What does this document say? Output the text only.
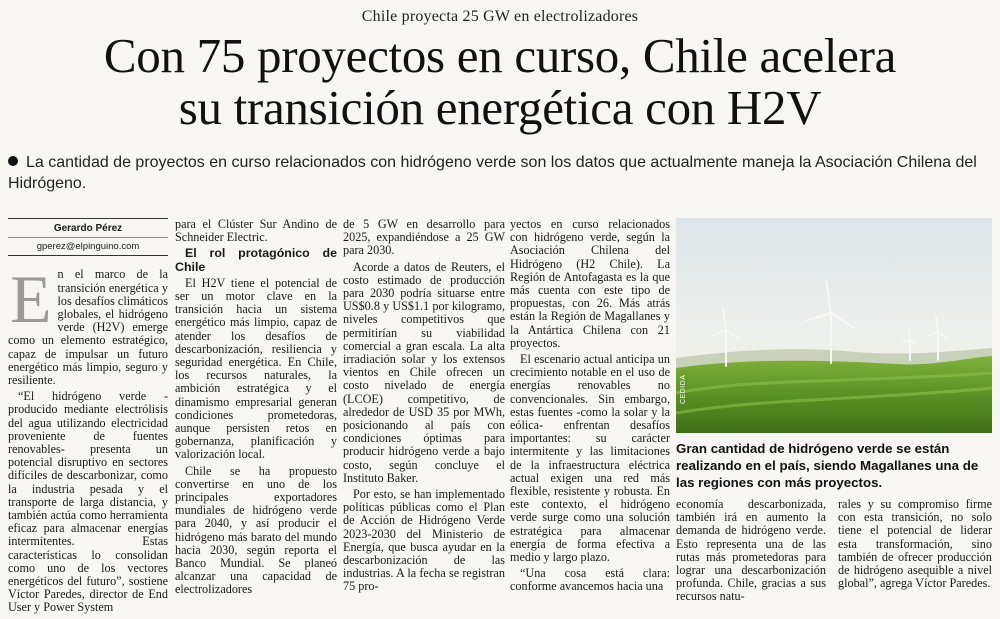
Chile proyecta 25 GW en electrolizadores
Con 75 proyectos en curso, Chile acelera
su transición energética con H2V
La cantidad de proyectos en curso relacionados con hidrógeno verde son los datos que actualmente maneja la Asociación Chilena del Hidrógeno.
Gerardo Pérez
gperez@elpinguino.com
E n el marco de la transición energética y los desafíos climáticos globales, el hidrógeno verde (H2V) emerge como un elemento estratégico, capaz de impulsar un futuro energético más limpio, seguro y resiliente.

“El hidrógeno verde -producido mediante electrólisis del agua utilizando electricidad proveniente de fuentes renovables- presenta un potencial disruptivo en sectores difíciles de descarbonizar, como la industria pesada y el transporte de larga distancia, y también actúa como herramienta eficaz para almacenar energías intermitentes. Estas características lo consolidan como uno de los vectores energéticos del futuro”, sostiene Víctor Paredes, director de End User y Power System

para el Clúster Sur Andino de Schneider Electric.

El rol protagónico de Chile

El H2V tiene el potencial de ser un motor clave en la transición hacia un sistema energético más limpio, capaz de atender los desafíos de descarbonización, resiliencia y seguridad energética. En Chile, los recursos naturales, la ambición estratégica y el dinamismo empresarial generan condiciones prometedoras, aunque persisten retos en gobernanza, planificación y valorización local.

Chile se ha propuesto convertirse en uno de los principales exportadores mundiales de hidrógeno verde para 2040, y así producir el hidrógeno más barato del mundo hacia 2030, según reporta el Banco Mundial. Se planeó alcanzar una capacidad de electrolizadores

de 5 GW en desarrollo para 2025, expandiéndose a 25 GW para 2030.

Acorde a datos de Reuters, el costo estimado de producción para 2030 podría situarse entre US$0.8 y US$1.1 por kilogramo, niveles competitivos que permitirían su viabilidad comercial a gran escala. La alta irradiación solar y los extensos vientos en Chile ofrecen un costo nivelado de energía (LCOE) competitivo, de alrededor de USD 35 por MWh, posicionando al país con condiciones óptimas para producir hidrógeno verde a bajo costo, según concluye el Instituto Baker.

Por esto, se han implementado políticas públicas como el Plan de Acción de Hidrógeno Verde 2023-2030 del Ministerio de Energía, que busca ayudar en la descarbonización de las industrias. A la fecha se registran 75 pro-

yectos en curso relacionados con hidrógeno verde, según la Asociación Chilena del Hidrógeno (H2 Chile). La Región de Antofagasta es la que más cuenta con este tipo de propuestas, con 26. Más atrás están la Región de Magallanes y la Antártica Chilena con 21 proyectos.

El escenario actual anticipa un crecimiento notable en el uso de energías renovables no convencionales. Sin embargo, estas fuentes -como la solar y la eólica- enfrentan desafíos importantes: su carácter intermitente y las limitaciones de la infraestructura eléctrica actual exigen una red más flexible, resistente y robusta. En este contexto, el hidrógeno verde surge como una solución estratégica para almacenar energía de forma efectiva a medio y largo plazo.

“Una cosa está clara: conforme avancemos hacia una

CEDIDA
Gran cantidad de hidrógeno verde se están realizando en el país, siendo Magallanes una de las regiones con más proyectos.

economía descarbonizada, también irá en aumento la demanda de hidrógeno verde. Esto representa una de las rutas más prometedoras para lograr una descarbonización profunda. Chile, gracias a sus recursos natu-

rales y su compromiso firme con esta transición, no solo tiene el potencial de liderar esta transformación, sino también de ofrecer producción de hidrógeno asequible a nivel global”, agrega Víctor Paredes.
